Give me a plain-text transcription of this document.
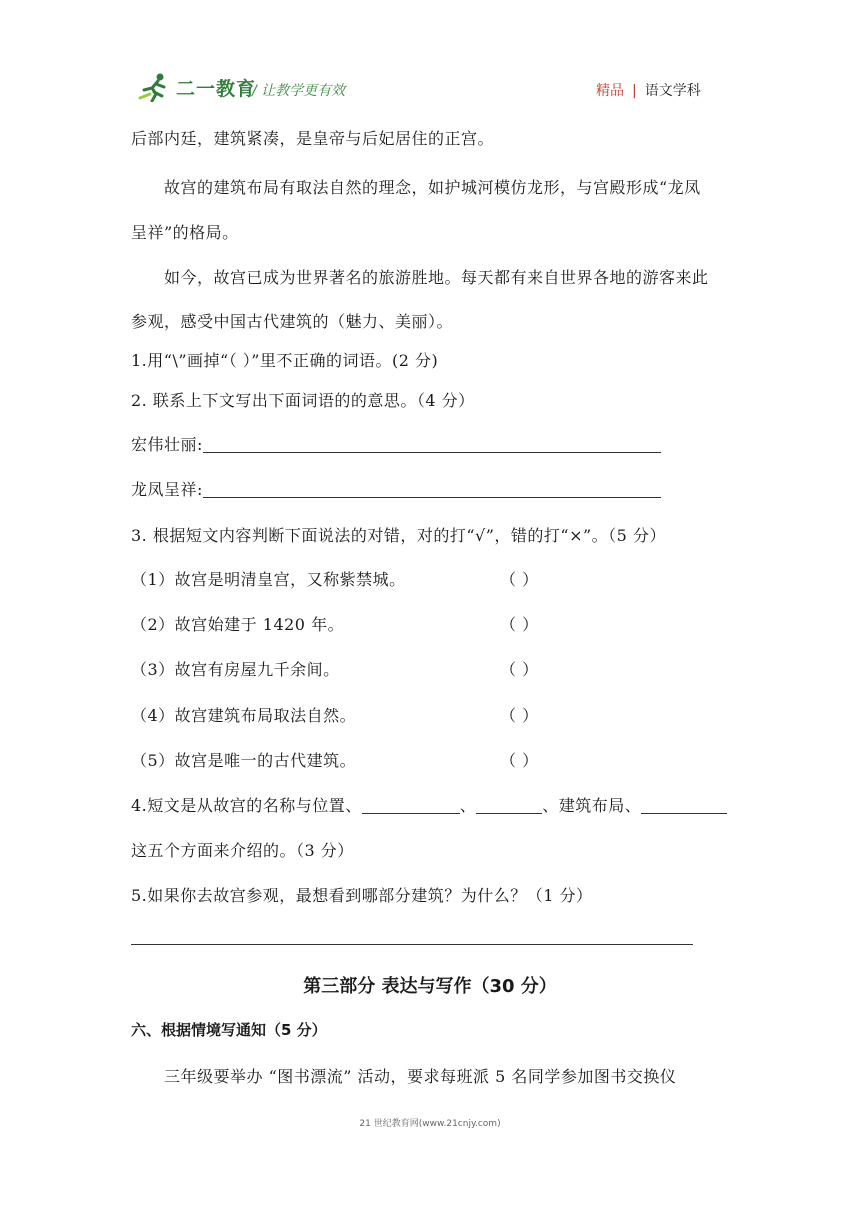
二一教育
/ 让教学更有效	精品 | 语文学科
后部内廷，建筑紧凑，是皇帝与后妃居住的正宫。
故宫的建筑布局有取法自然的理念，如护城河模仿龙形，与宫殿形成“龙凤
呈祥”的格局。
如今，故宫已成为世界著名的旅游胜地。每天都有来自世界各地的游客来此
参观，感受中国古代建筑的（魅力、美丽）。
1.用“\”画掉“（ ）”里不正确的词语。(2 分)
2. 联系上下文写出下面词语的的意思。（4 分）
宏伟壮丽:
龙凤呈祥:
3. 根据短文内容判断下面说法的对错，对的打“√”，错的打“×”。（5 分）
（1）故宫是明清皇宫，又称紫禁城。	（ ）
（2）故宫始建于 1420 年。	（ ）
（3）故宫有房屋九千余间。	（ ）
（4）故宫建筑布局取法自然。	（ ）
（5）故宫是唯一的古代建筑。	（ ）
4.短文是从故宫的名称与位置、	、	、建筑布局、
这五个方面来介绍的。（3 分）
5.如果你去故宫参观，最想看到哪部分建筑？为什么？（1 分）
第三部分 表达与写作（30 分）
六、根据情境写通知（5 分）
三年级要举办 “图书漂流” 活动，要求每班派 5 名同学参加图书交换仪
21 世纪教育网(www.21cnjy.com)
